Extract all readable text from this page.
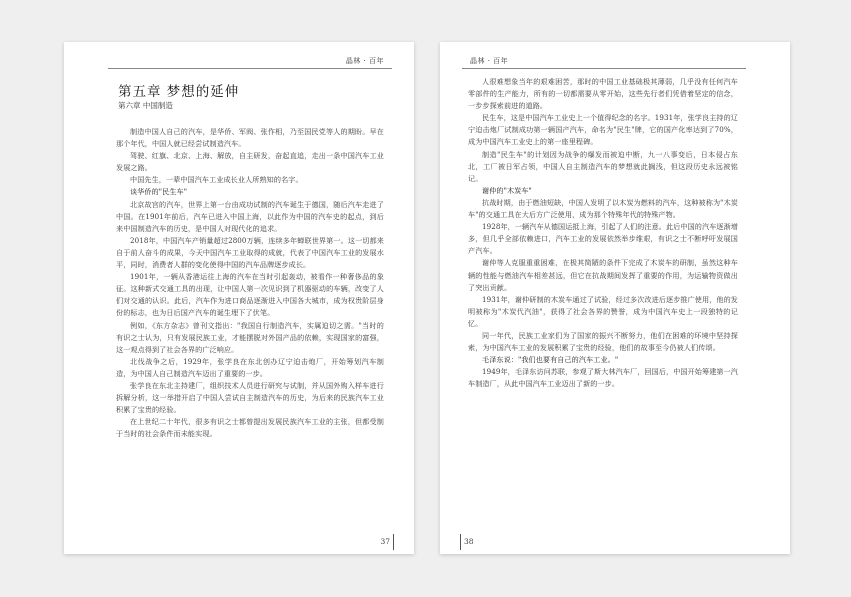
晶林 · 百年
第五章 梦想的延伸
第六章 中国制造

制造中国人自己的汽车，是华侨、军阀、张作相，乃至国民党等人的期盼。早在那个年代，中国人就已经尝试制造汽车。

驾驶、红旗、北京、上海、解放，自主研发，奋起直追，走出一条中国汽车工业发展之路。

中国先生，一辈中国汽车工业成长业人所熟知的名字。

谈华侨的"民生车"

北京故宫的汽车，世界上第一台由成功试制的汽车诞生于德国，随后汽车走进了中国。在1901年前后，汽车已进入中国上海，以此作为中国的汽车史的起点，到后来中国制造汽车的历史，是中国人对现代化的追求。

2018年，中国汽车产销量超过2800万辆，连续多年蝉联世界第一。这一切都来自于前人奋斗的成果，今天中国汽车工业取得的成就，代表了中国汽车工业的发展水平，同时，消费者人群的变化使得中国的汽车品牌逐步成长。

1901年，一辆从香港运往上海的汽车在当时引起轰动，被看作一种奢侈品的象征。这种新式交通工具的出现，让中国人第一次见识到了机器驱动的车辆，改变了人们对交通的认识。此后，汽车作为进口商品逐渐进入中国各大城市，成为权贵阶层身份的标志，也为日后国产汽车的诞生埋下了伏笔。

例如，《东方杂志》曾刊文指出："我国自行制造汽车，实属迫切之需。"当时的有识之士认为，只有发展民族工业，才能摆脱对外国产品的依赖，实现国家的富强，这一观点得到了社会各界的广泛响应。

北伐战争之后，1929年，张学良在东北创办辽宁迫击炮厂，开始筹划汽车制造，为中国人自己制造汽车迈出了重要的一步。

张学良在东北主持建厂，组织技术人员进行研究与试制，并从国外购入样车进行拆解分析，这一举措开启了中国人尝试自主制造汽车的历史，为后来的民族汽车工业积累了宝贵的经验。

在上世纪二十年代，很多有识之士都曾提出发展民族汽车工业的主张，但都受制于当时的社会条件而未能实现。

37
晶林 · 百年

人很难想象当年的艰难困苦，那时的中国工业基础极其薄弱，几乎没有任何汽车零部件的生产能力，所有的一切都需要从零开始，这些先行者们凭借着坚定的信念，一步步探索前进的道路。

民生车，这是中国汽车工业史上一个值得纪念的名字。1931年，张学良主持的辽宁迫击炮厂试制成功第一辆国产汽车，命名为"民生"牌，它的国产化率达到了70%，成为中国汽车工业史上的第一座里程碑。

制造"民生车"的计划因为战争的爆发而被迫中断，九一八事变后，日本侵占东北，工厂被日军占领，中国人自主制造汽车的梦想就此搁浅，但这段历史永远被铭记。

谢仲的"木炭车"

抗战时期，由于燃油短缺，中国人发明了以木炭为燃料的汽车，这种被称为"木炭车"的交通工具在大后方广泛使用，成为那个特殊年代的特殊产物。

1928年，一辆汽车从德国运抵上海，引起了人们的注意。此后中国的汽车逐渐增多，但几乎全部依赖进口，汽车工业的发展依然举步维艰，有识之士不断呼吁发展国产汽车。

谢仲等人克服重重困难，在极其简陋的条件下完成了木炭车的研制，虽然这种车辆的性能与燃油汽车相差甚远，但它在抗战期间发挥了重要的作用，为运输物资做出了突出贡献。

1931年，谢仲研制的木炭车通过了试验，经过多次改进后逐步推广使用，他的发明被称为"木炭代汽油"，获得了社会各界的赞誉，成为中国汽车史上一段独特的记忆。

同一年代，民族工业家们为了国家的振兴不断努力，他们在困难的环境中坚持探索，为中国汽车工业的发展积累了宝贵的经验，他们的故事至今仍被人们传颂。

毛泽东说："我们也要有自己的汽车工业。"

1949年，毛泽东访问苏联，参观了斯大林汽车厂，回国后，中国开始筹建第一汽车制造厂，从此中国汽车工业迈出了新的一步。

38
